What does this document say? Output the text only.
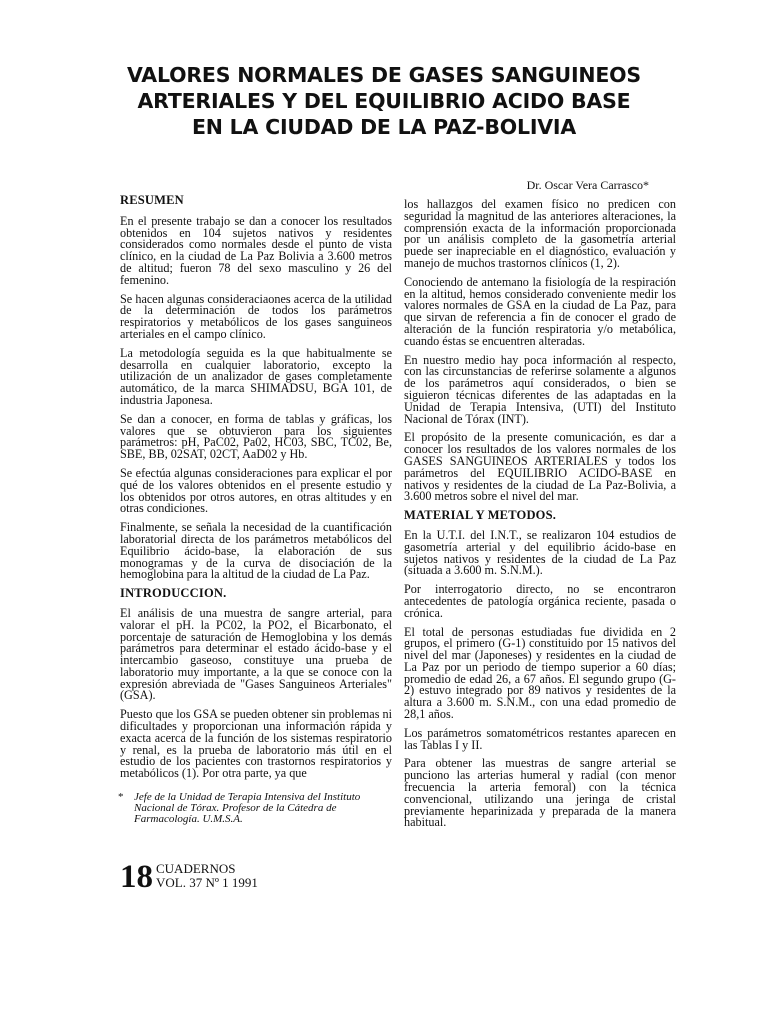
VALORES NORMALES DE GASES SANGUINEOS
ARTERIALES Y DEL EQUILIBRIO ACIDO BASE
EN LA CIUDAD DE LA PAZ-BOLIVIA
Dr. Oscar Vera Carrasco*
RESUMEN

En el presente trabajo se dan a conocer los resultados obtenidos en 104 sujetos nativos y residentes considerados como normales desde el punto de vista clínico, en la ciudad de La Paz Bolivia a 3.600 metros de altitud; fueron 78 del sexo masculino y 26 del femenino.

Se hacen algunas consideraciaones acerca de la utilidad de la determinación de todos los parámetros respiratorios y metabólicos de los gases sanguineos arteriales en el campo clínico.

La metodología seguida es la que habitualmente se desarrolla en cualquier laboratorio, excepto la utilización de un analizador de gases completamente automático, de la marca SHIMADSU, BGA 101, de industria Japonesa.

Se dan a conocer, en forma de tablas y gráficas, los valores que se obtuvieron para los siguientes parámetros: pH, PaC02, Pa02, HC03, SBC, TC02, Be, SBE, BB, 02SAT, 02CT, AaD02 y Hb.

Se efectúa algunas consideraciones para explicar el por qué de los valores obtenidos en el presente estudio y los obtenidos por otros autores, en otras altitudes y en otras condiciones.

Finalmente, se señala la necesidad de la cuantificación laboratorial directa de los parámetros metabólicos del Equilibrio ácido-base, la elaboración de sus monogramas y de la curva de disociación de la hemoglobina para la altitud de la ciudad de La Paz.

INTRODUCCION.

El análisis de una muestra de sangre arterial, para valorar el pH. la PC02, la PO2, el Bicarbonato, el porcentaje de saturación de Hemoglobina y los demás parámetros para determinar el estado ácido-base y el intercambio gaseoso, constituye una prueba de laboratorio muy importante, a la que se conoce con la expresión abreviada de "Gases Sanguineos Arteriales" (GSA).

Puesto que los GSA se pueden obtener sin problemas ni dificultades y proporcionan una información rápida y exacta acerca de la función de los sistemas respiratorio y renal, es la prueba de laboratorio más útil en el estudio de los pacientes con trastornos respiratorios y metabólicos (1). Por otra parte, ya que

los hallazgos del examen físico no predicen con seguridad la magnitud de las anteriores alteraciones, la comprensión exacta de la información proporcionada por un análisis completo de la gasometría arterial puede ser inapreciable en el diagnóstico, evaluación y manejo de muchos trastornos clínicos (1, 2).

Conociendo de antemano la fisiología de la respiración en la altitud, hemos considerado conveniente medir los valores normales de GSA en la ciudad de La Paz, para que sirvan de referencia a fin de conocer el grado de alteración de la función respiratoria y/o metabólica, cuando éstas se encuentren alteradas.

En nuestro medio hay poca información al respecto, con las circunstancias de referirse solamente a algunos de los parámetros aquí considerados, o bien se siguieron técnicas diferentes de las adaptadas en la Unidad de Terapia Intensiva, (UTI) del Instituto Nacional de Tórax (INT).

El propósito de la presente comunicación, es dar a conocer los resultados de los valores normales de los GASES SANGUINEOS ARTERIALES y todos los parámetros del EQUILIBRIO ACIDO-BASE en nativos y residentes de la ciudad de La Paz-Bolivia, a 3.600 metros sobre el nivel del mar.

MATERIAL Y METODOS.

En la U.T.I. del I.N.T., se realizaron 104 estudios de gasometría arterial y del equilibrio ácido-base en sujetos nativos y residentes de la ciudad de La Paz (situada a 3.600 m. S.N.M.).

Por interrogatorio directo, no se encontraron antecedentes de patología orgánica reciente, pasada o crónica.

El total de personas estudiadas fue dividida en 2 grupos, el primero (G-1) constituido por 15 nativos del nivel del mar (Japoneses) y residentes en la ciudad de La Paz por un periodo de tiempo superior a 60 días; promedio de edad 26, a 67 años. El segundo grupo (G-2) estuvo integrado por 89 nativos y residentes de la altura a 3.600 m. S.N.M., con una edad promedio de 28,1 años.

Los parámetros somatométricos restantes aparecen en las Tablas I y II.

Para obtener las muestras de sangre arterial se punciono las arterias humeral y radial (con menor frecuencia la arteria femoral) con la técnica convencional, utilizando una jeringa de cristal previamente heparinizada y preparada de la manera habitual.

* Jefe de la Unidad de Terapia Intensiva del Instituto Nacional de Tórax. Profesor de la Cátedra de Farmacología. U.M.S.A.
18 CUADERNOS
VOL. 37 Nº 1 1991
